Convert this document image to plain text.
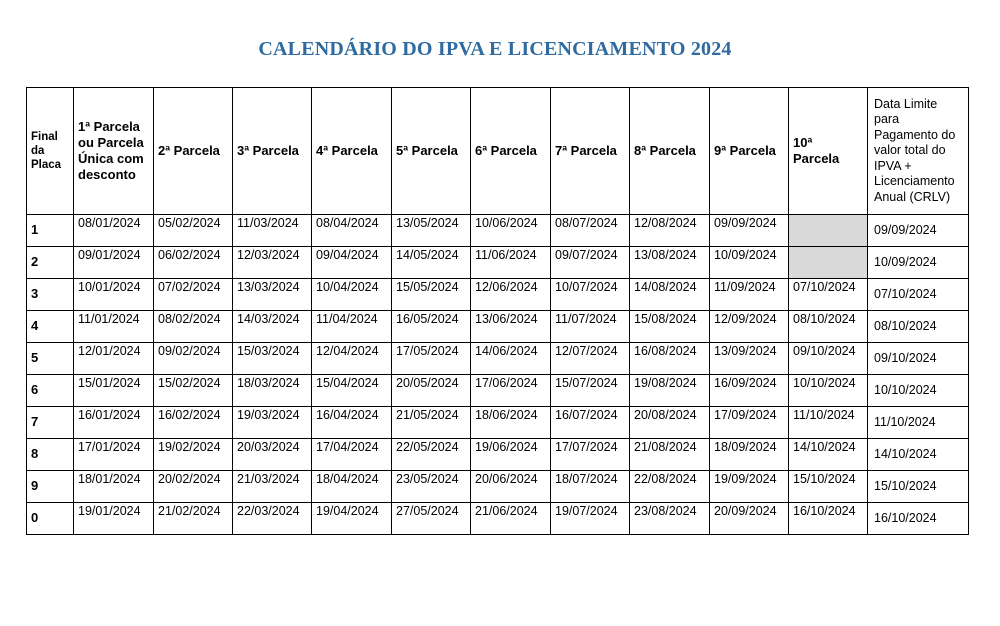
CALENDÁRIO DO IPVA E LICENCIAMENTO 2024
Final da Placa	1ª Parcela ou Parcela Única com desconto	2ª Parcela	3ª Parcela	4ª Parcela	5ª Parcela	6ª Parcela	7ª Parcela	8ª Parcela	9ª Parcela	10ª
Parcela	Data Limite para Pagamento do valor total do IPVA + Licenciamento Anual (CRLV)
1	08/01/2024	05/02/2024	11/03/2024	08/04/2024	13/05/2024	10/06/2024	08/07/2024	12/08/2024	09/09/2024		09/09/2024
2	09/01/2024	06/02/2024	12/03/2024	09/04/2024	14/05/2024	11/06/2024	09/07/2024	13/08/2024	10/09/2024		10/09/2024
3	10/01/2024	07/02/2024	13/03/2024	10/04/2024	15/05/2024	12/06/2024	10/07/2024	14/08/2024	11/09/2024	07/10/2024	07/10/2024
4	11/01/2024	08/02/2024	14/03/2024	11/04/2024	16/05/2024	13/06/2024	11/07/2024	15/08/2024	12/09/2024	08/10/2024	08/10/2024
5	12/01/2024	09/02/2024	15/03/2024	12/04/2024	17/05/2024	14/06/2024	12/07/2024	16/08/2024	13/09/2024	09/10/2024	09/10/2024
6	15/01/2024	15/02/2024	18/03/2024	15/04/2024	20/05/2024	17/06/2024	15/07/2024	19/08/2024	16/09/2024	10/10/2024	10/10/2024
7	16/01/2024	16/02/2024	19/03/2024	16/04/2024	21/05/2024	18/06/2024	16/07/2024	20/08/2024	17/09/2024	11/10/2024	11/10/2024
8	17/01/2024	19/02/2024	20/03/2024	17/04/2024	22/05/2024	19/06/2024	17/07/2024	21/08/2024	18/09/2024	14/10/2024	14/10/2024
9	18/01/2024	20/02/2024	21/03/2024	18/04/2024	23/05/2024	20/06/2024	18/07/2024	22/08/2024	19/09/2024	15/10/2024	15/10/2024
0	19/01/2024	21/02/2024	22/03/2024	19/04/2024	27/05/2024	21/06/2024	19/07/2024	23/08/2024	20/09/2024	16/10/2024	16/10/2024
